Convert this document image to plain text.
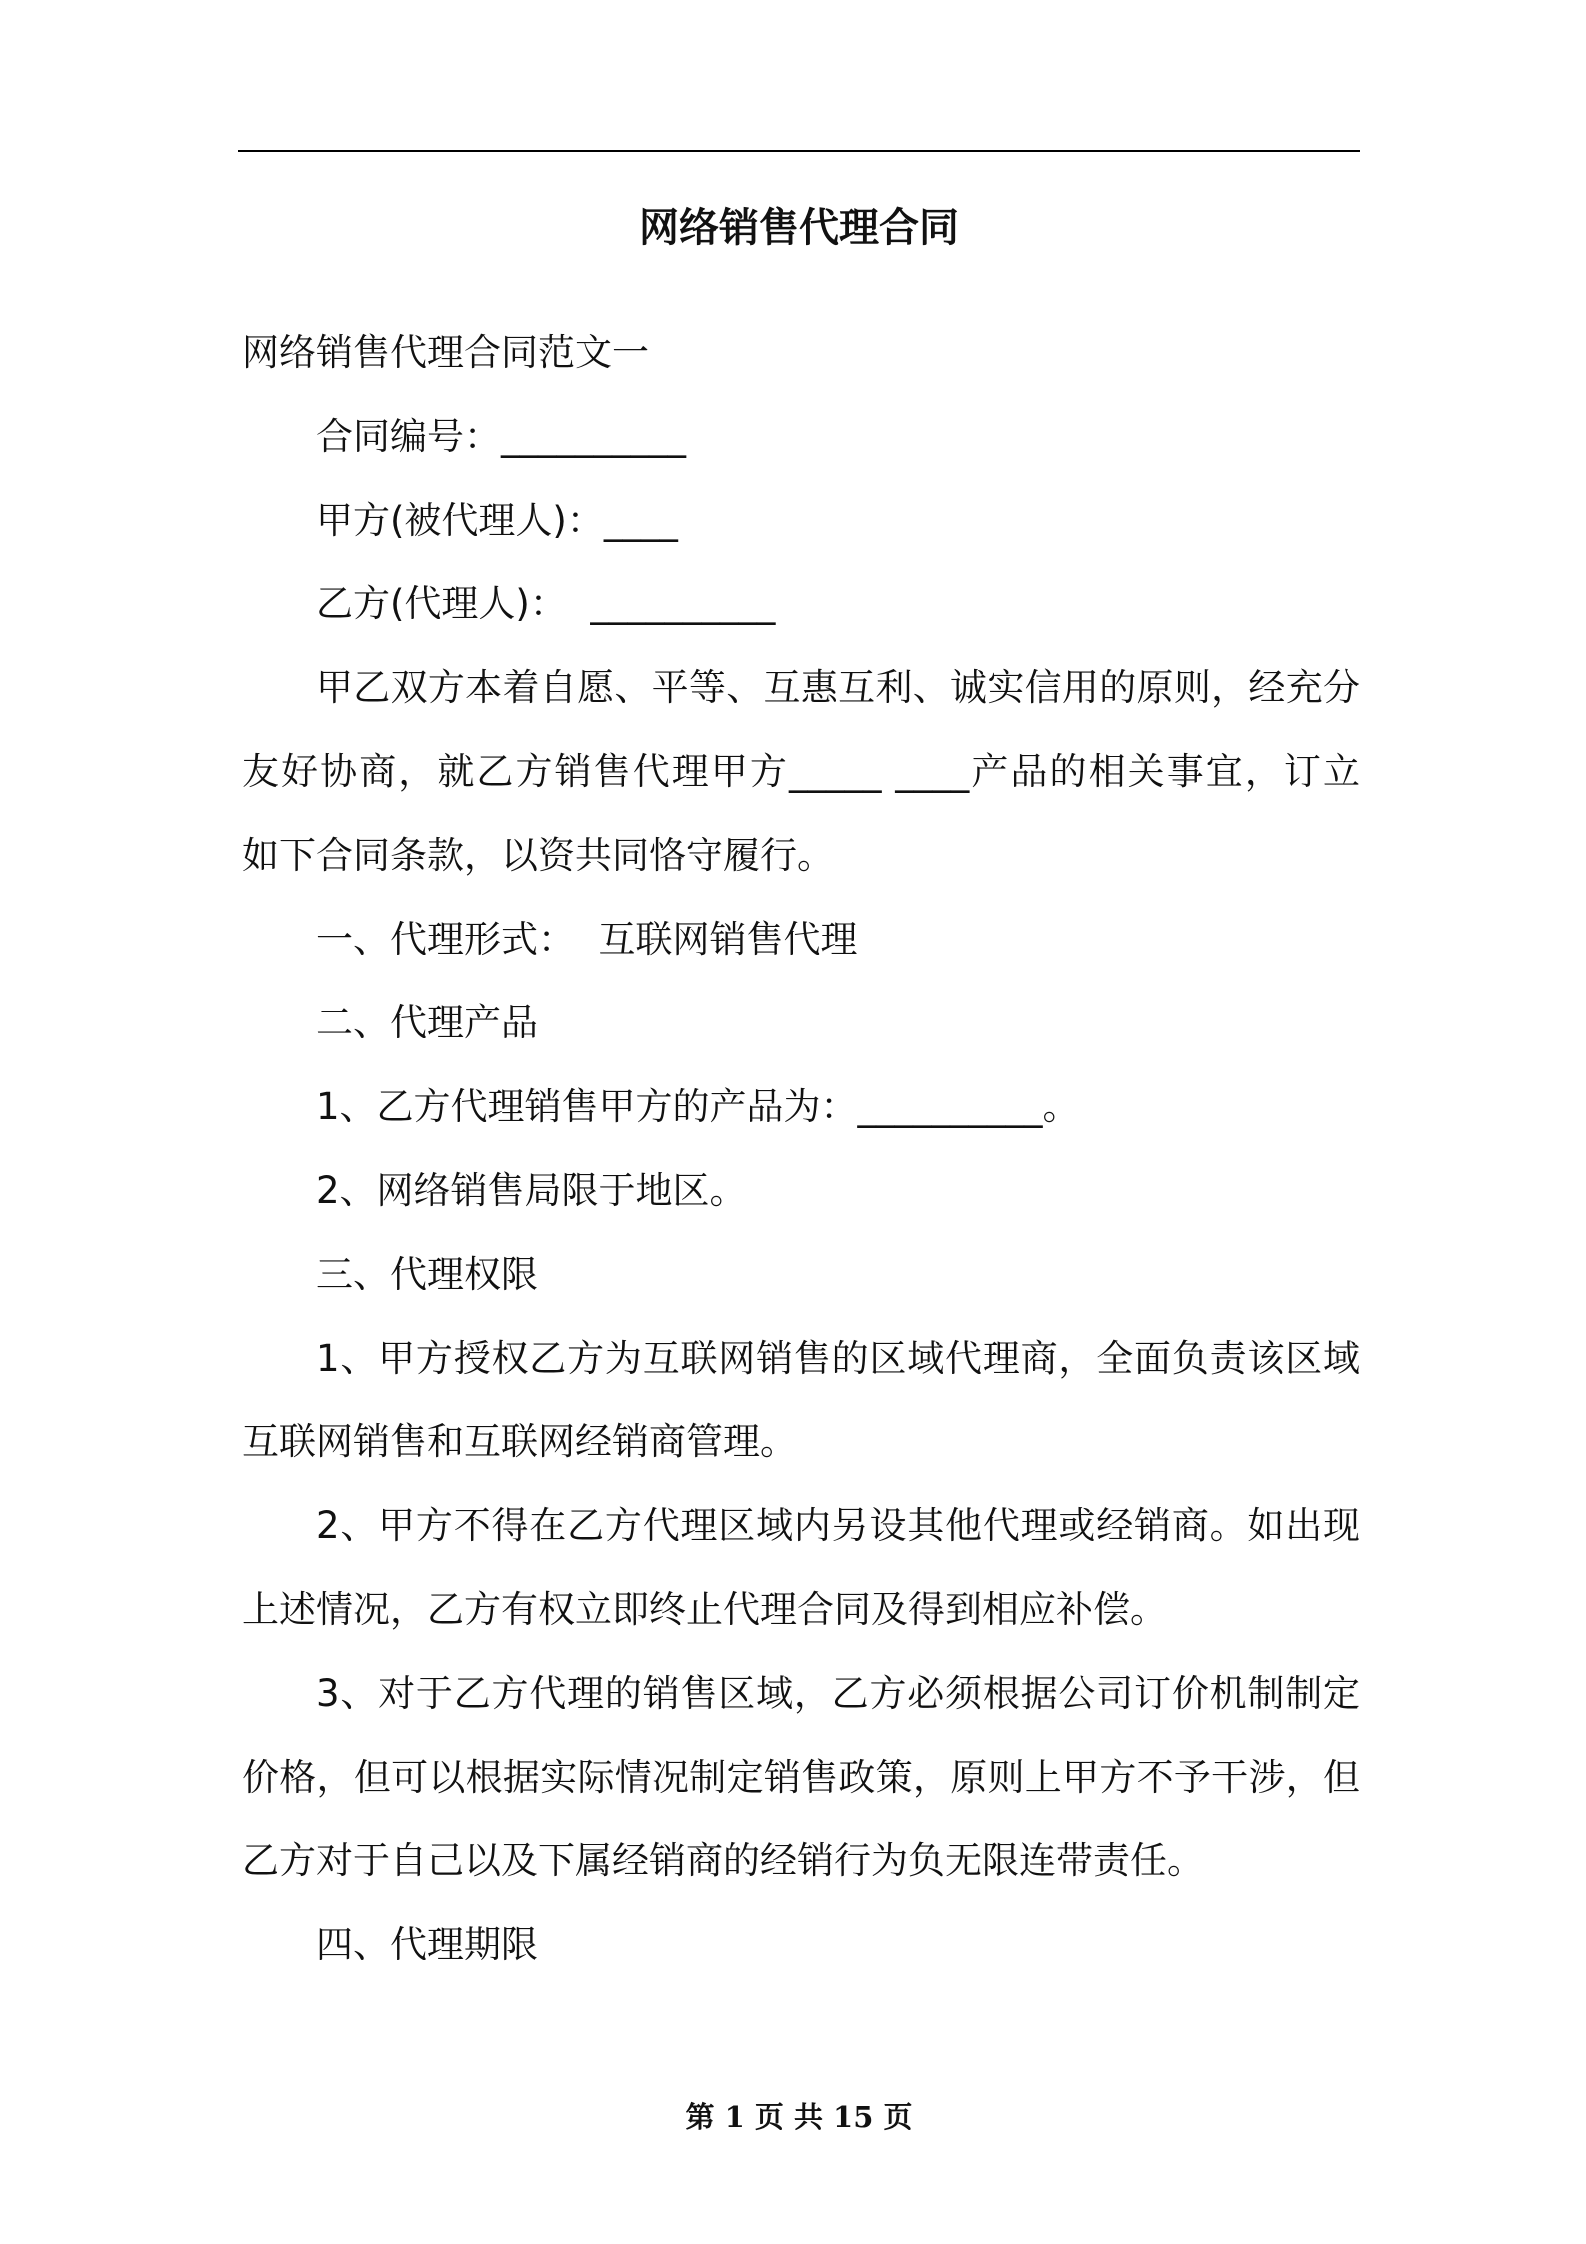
网络销售代理合同
网络销售代理合同范文一
合同编号：__________
甲方(被代理人)：____
乙方(代理人)：  __________
甲乙双方本着自愿、平等、互惠互利、诚实信用的原则，经充分
友好协商，就乙方销售代理甲方_____ ____产品的相关事宜，订立
如下合同条款，以资共同恪守履行。
一、代理形式：  互联网销售代理
二、代理产品
1、乙方代理销售甲方的产品为：__________。
2、网络销售局限于地区。
三、代理权限
1、甲方授权乙方为互联网销售的区域代理商，全面负责该区域
互联网销售和互联网经销商管理。
2、甲方不得在乙方代理区域内另设其他代理或经销商。如出现
上述情况，乙方有权立即终止代理合同及得到相应补偿。
3、对于乙方代理的销售区域，乙方必须根据公司订价机制制定
价格，但可以根据实际情况制定销售政策，原则上甲方不予干涉，但
乙方对于自己以及下属经销商的经销行为负无限连带责任。
四、代理期限
第 1 页 共 15 页
